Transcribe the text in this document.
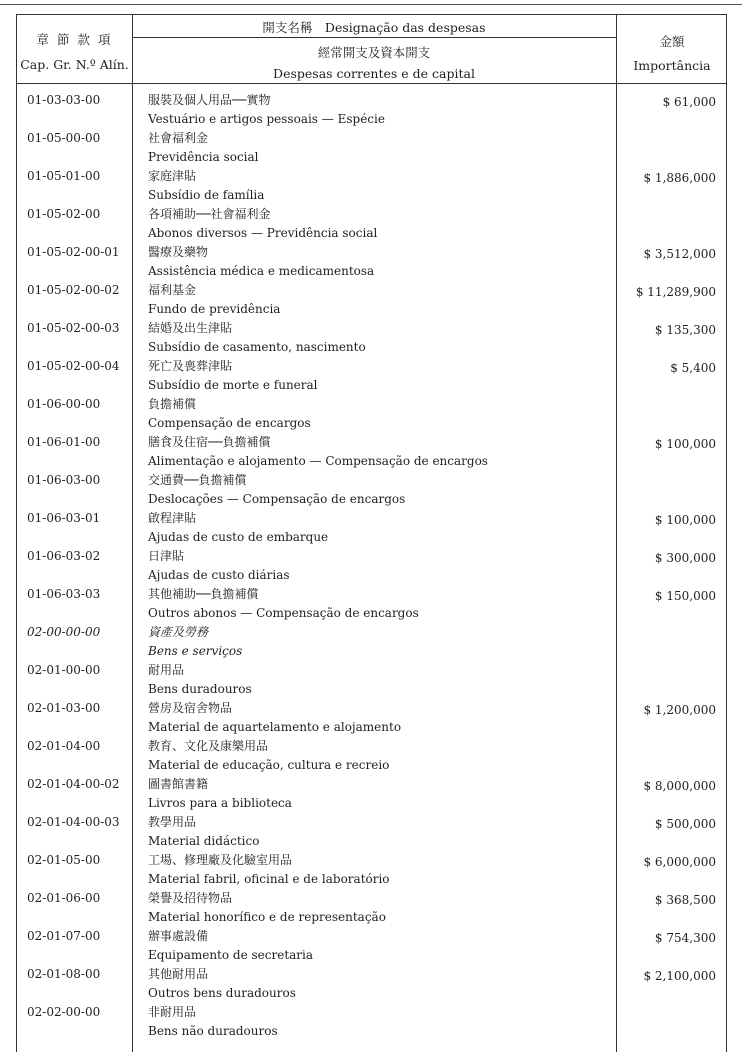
章 節 款 項
Cap. Gr. N.º Alín.
開支名稱　Designação das despesas
經常開支及資本開支
Despesas correntes e de capital
金額
Importância
01-03-03-00	服裝及個人用品──實物
Vestuário e artigos pessoais — Espécie
$ 61,000
01-05-00-00	社會福利金
Previdência social
01-05-01-00	家庭津貼
Subsídio de família
$ 1,886,000
01-05-02-00	各項補助──社會福利金
Abonos diversos — Previdência social
01-05-02-00-01 醫療及藥物
Assistência médica e medicamentosa
$ 3,512,000
01-05-02-00-02 福利基金
Fundo de previdência
$ 11,289,900
01-05-02-00-03 結婚及出生津貼
Subsídio de casamento, nascimento
$ 135,300
01-05-02-00-04 死亡及喪葬津貼
Subsídio de morte e funeral
$ 5,400
01-06-00-00	負擔補償
Compensação de encargos
01-06-01-00	膳食及住宿──負擔補償
Alimentação e alojamento — Compensação de encargos
$ 100,000
01-06-03-00	交通費──負擔補償
Deslocações — Compensação de encargos
01-06-03-01	啟程津貼
Ajudas de custo de embarque
$ 100,000
01-06-03-02	日津貼
Ajudas de custo diárias
$ 300,000
01-06-03-03	其他補助──負擔補償
Outros abonos — Compensação de encargos
$ 150,000
02-00-00-00	資產及勞務
Bens e serviços
02-01-00-00	耐用品
Bens duradouros
02-01-03-00	營房及宿舍物品
Material de aquartelamento e alojamento
$ 1,200,000
02-01-04-00	教育、文化及康樂用品
Material de educação, cultura e recreio
02-01-04-00-02 圖書館書籍
Livros para a biblioteca
$ 8,000,000
02-01-04-00-03 教學用品
Material didáctico
$ 500,000
02-01-05-00	工場、修理廠及化驗室用品
Material fabril, oficinal e de laboratório
$ 6,000,000
02-01-06-00	榮譽及招待物品
Material honorífico e de representação
$ 368,500
02-01-07-00	辦事處設備
Equipamento de secretaria
$ 754,300
02-01-08-00	其他耐用品
Outros bens duradouros
$ 2,100,000
02-02-00-00	非耐用品
Bens não duradouros
